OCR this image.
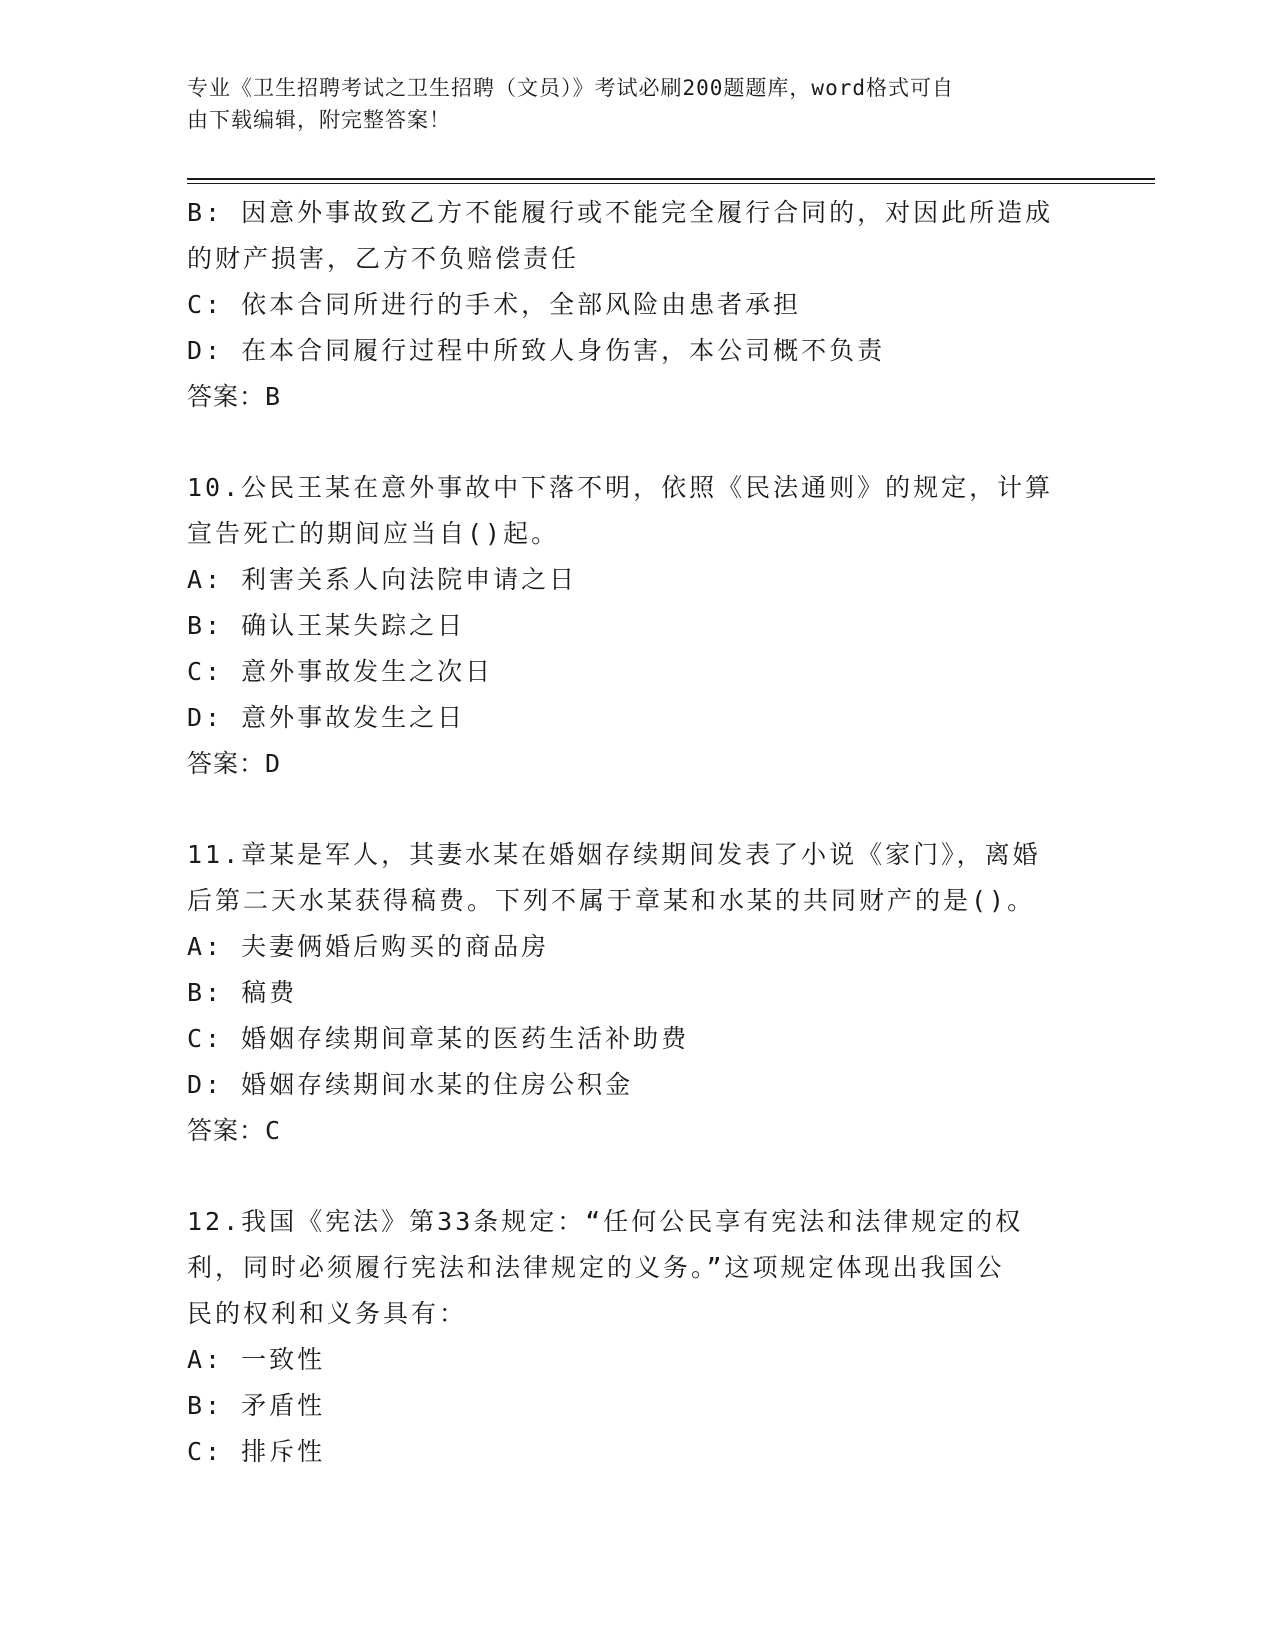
专业《卫生招聘考试之卫生招聘（文员）》考试必刷200题题库，word格式可自
由下载编辑，附完整答案！
B: 因意外事故致乙方不能履行或不能完全履行合同的，对因此所造成
的财产损害，乙方不负赔偿责任
C: 依本合同所进行的手术，全部风险由患者承担
D: 在本合同履行过程中所致人身伤害，本公司概不负责
答案：B
10.公民王某在意外事故中下落不明，依照《民法通则》的规定，计算
宣告死亡的期间应当自()起。
A: 利害关系人向法院申请之日
B: 确认王某失踪之日
C: 意外事故发生之次日
D: 意外事故发生之日
答案：D
11.章某是军人，其妻水某在婚姻存续期间发表了小说《家门》，离婚
后第二天水某获得稿费。下列不属于章某和水某的共同财产的是()。
A: 夫妻俩婚后购买的商品房
B: 稿费
C: 婚姻存续期间章某的医药生活补助费
D: 婚姻存续期间水某的住房公积金
答案：C
12.我国《宪法》第33条规定：“任何公民享有宪法和法律规定的权
利，同时必须履行宪法和法律规定的义务。”这项规定体现出我国公
民的权利和义务具有：
A: 一致性
B: 矛盾性
C: 排斥性
